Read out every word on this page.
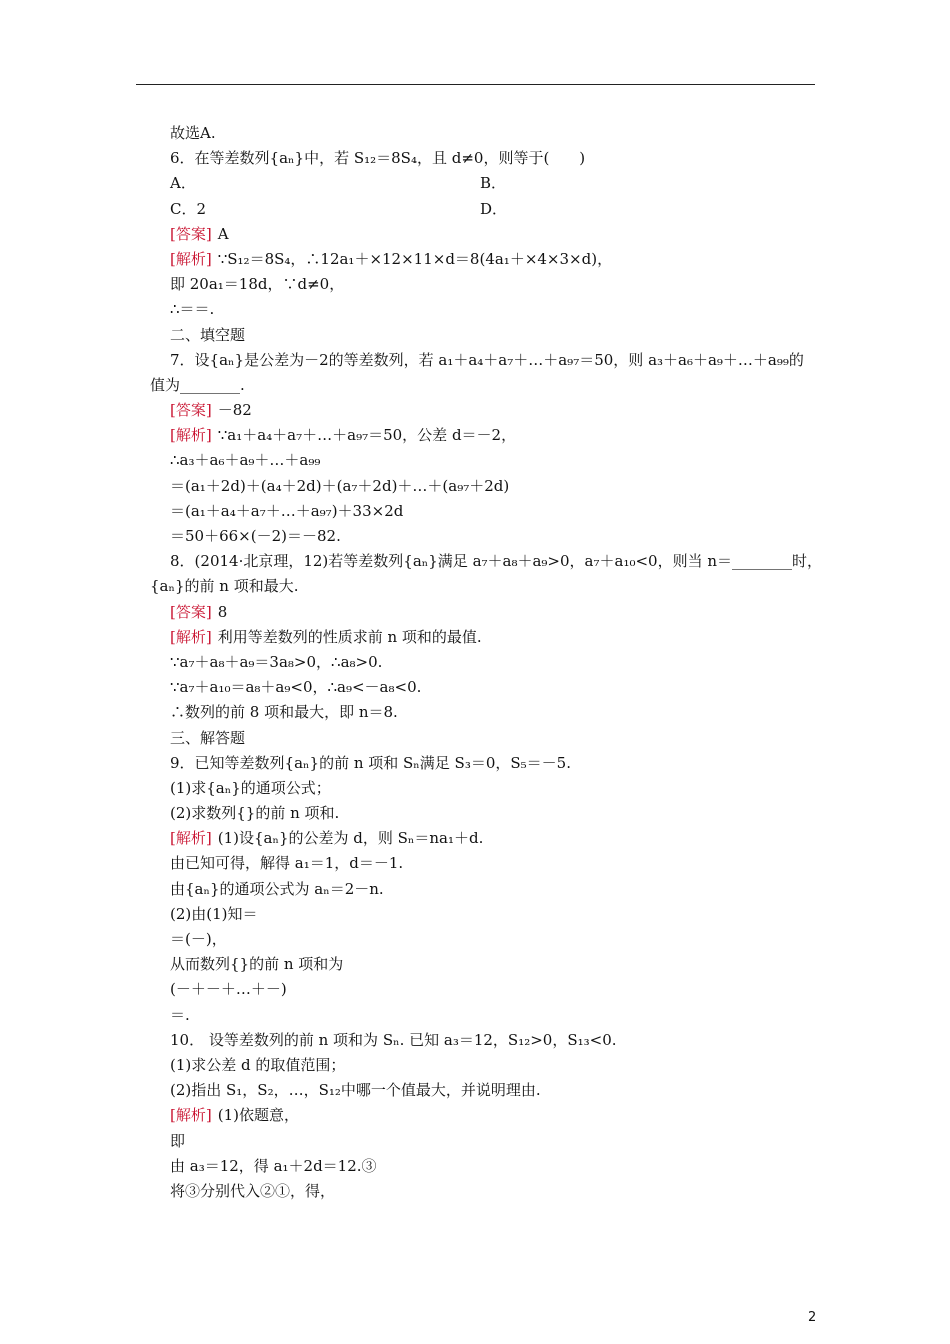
故选A.
6．在等差数列{aₙ}中，若 S₁₂＝8S₄，且 d≠0，则等于(　　)
A．	B．
C．2	D．
[答案] A
[解析] ∵S₁₂＝8S₄，∴12a₁＋×12×11×d＝8(4a₁＋×4×3×d)，
即 20a₁＝18d，∵d≠0，
∴＝＝.
二、填空题
7．设{aₙ}是公差为－2的等差数列，若 a₁＋a₄＋a₇＋…＋a₉₇＝50，则 a₃＋a₆＋a₉＋…＋a₉₉的
值为________.
[答案] －82
[解析] ∵a₁＋a₄＋a₇＋…＋a₉₇＝50，公差 d＝－2，
∴a₃＋a₆＋a₉＋…＋a₉₉
＝(a₁＋2d)＋(a₄＋2d)＋(a₇＋2d)＋…＋(a₉₇＋2d)
＝(a₁＋a₄＋a₇＋…＋a₉₇)＋33×2d
＝50＋66×(－2)＝－82.
8．(2014·北京理，12)若等差数列{aₙ}满足 a₇＋a₈＋a₉>0，a₇＋a₁₀<0，则当 n＝________时，
{aₙ}的前 n 项和最大.
[答案] 8
[解析] 利用等差数列的性质求前 n 项和的最值.
∵a₇＋a₈＋a₉＝3a₈>0，∴a₈>0.
∵a₇＋a₁₀＝a₈＋a₉<0，∴a₉<－a₈<0.
∴数列的前 8 项和最大，即 n＝8.
三、解答题
9．已知等差数列{aₙ}的前 n 项和 Sₙ满足 S₃＝0，S₅＝－5.
(1)求{aₙ}的通项公式；
(2)求数列{}的前 n 项和.
[解析] (1)设{aₙ}的公差为 d，则 Sₙ＝na₁＋d.
由已知可得，解得 a₁＝1，d＝－1.
由{aₙ}的通项公式为 aₙ＝2－n.
(2)由(1)知＝
＝(－)，
从而数列{}的前 n 项和为
(－＋－＋…＋－)
＝.
10． 设等差数列的前 n 项和为 Sₙ. 已知 a₃＝12，S₁₂>0，S₁₃<0.
(1)求公差 d 的取值范围；
(2)指出 S₁，S₂，…，S₁₂中哪一个值最大，并说明理由.
[解析] (1)依题意，
即
由 a₃＝12，得 a₁＋2d＝12.③
将③分别代入②①，得，
2
